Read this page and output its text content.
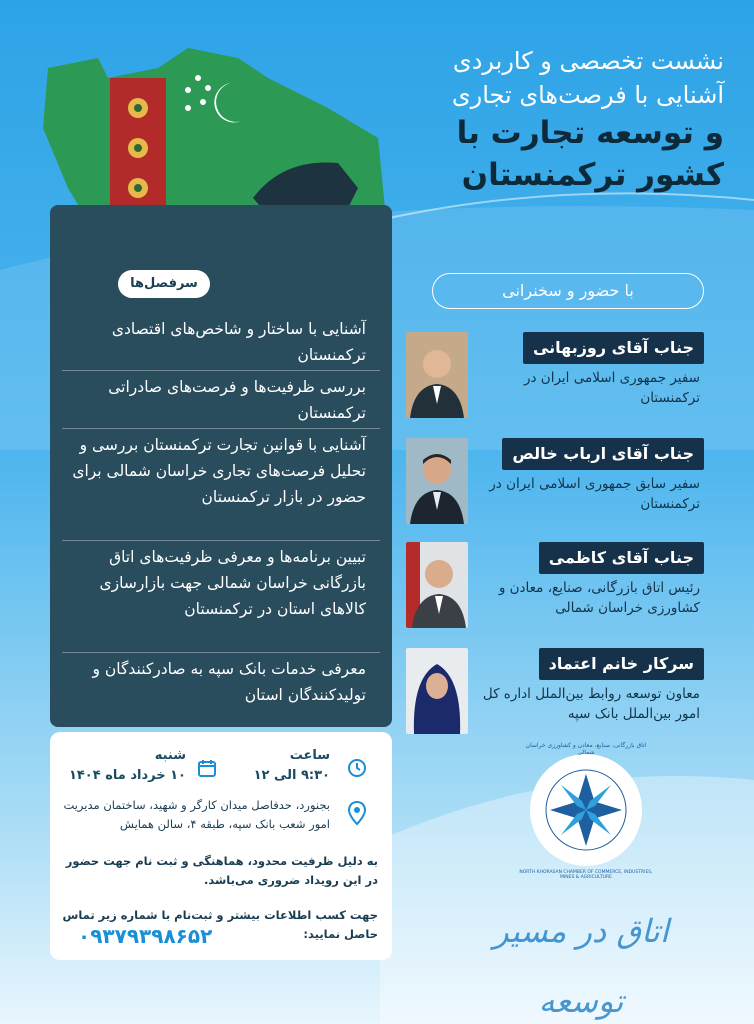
نشست تخصصی و کاربردی
آشنایی با فرصت‌های تجاری
و توسعه تجارت با
کشور ترکمنستان
سرفصل‌ها
آشنایی با ساختار و شاخص‌های اقتصادی ترکمنستان
بررسی ظرفیت‌ها و فرصت‌های صادراتی ترکمنستان
آشنایی با قوانین تجارت ترکمنستان بررسی و تحلیل فرصت‌های تجاری خراسان شمالی برای حضور در بازار ترکمنستان
تبیین برنامه‌ها و معرفی ظرفیت‌های اتاق بازرگانی خراسان شمالی جهت بازارسازی کالاهای استان در ترکمنستان
معرفی خدمات بانک سپه به صادرکنندگان و تولیدکنندگان استان
با حضور و سخنرانی
جناب آقای روزبهانی
سفیر جمهوری اسلامی ایران در ترکمنستان
جناب آقای ارباب خالص
سفیر سابق جمهوری اسلامی ایران در ترکمنستان
جناب آقای کاظمی
رئیس اتاق بازرگانی، صنایع، معادن و کشاورزی خراسان شمالی
سرکار خانم اعتماد
معاون توسعه روابط بین‌الملل اداره کل امور بین‌الملل بانک سپه
ساعت
۹:۳۰ الی ۱۲
شنبه
۱۰ خرداد ماه ۱۴۰۴
بجنورد، حدفاصل میدان کارگر و شهید، ساختمان مدیریت امور شعب بانک سپه، طبقه ۴، سالن همایش
به دلیل ظرفیت محدود، هماهنگی و ثبت نام جهت حضور در این رویداد ضروری می‌باشد.
جهت کسب اطلاعات بیشتر و ثبت‌نام با شماره زیر تماس حاصل نمایید:
۰۹۳۷۹۳۹۸۶۵۲
اتاق بازرگانی، صنایع، معادن و کشاورزی خراسان شمالی
NORTH KHORASAN CHAMBER OF COMMERCE, INDUSTRIES, MINES & AGRICULTURE
اتاق در مسیر توسعه
